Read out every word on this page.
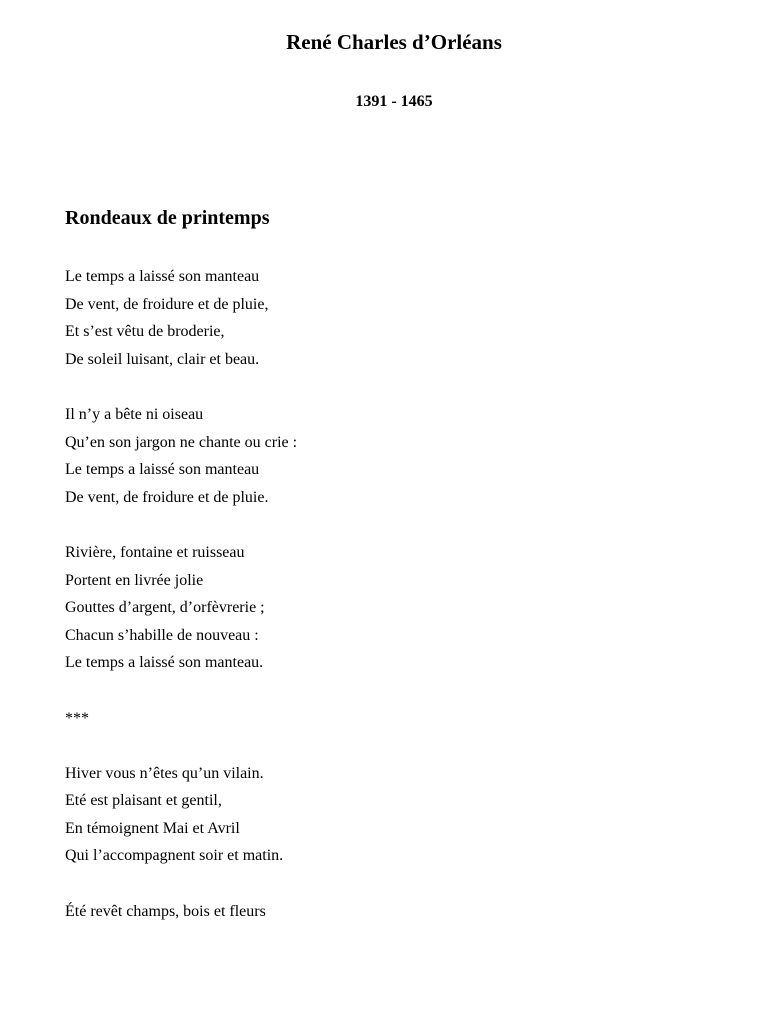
René Charles d’Orléans
1391 - 1465
Rondeaux de printemps
Le temps a laissé son manteau
De vent, de froidure et de pluie,
Et s’est vêtu de broderie,
De soleil luisant, clair et beau.
Il n’y a bête ni oiseau
Qu’en son jargon ne chante ou crie :
Le temps a laissé son manteau
De vent, de froidure et de pluie.
Rivière, fontaine et ruisseau
Portent en livrée jolie
Gouttes d’argent, d’orfèvrerie ;
Chacun s’habille de nouveau :
Le temps a laissé son manteau.
***
Hiver vous n’êtes qu’un vilain.
Eté est plaisant et gentil,
En témoignent Mai et Avril
Qui l’accompagnent soir et matin.
Été revêt champs, bois et fleurs
